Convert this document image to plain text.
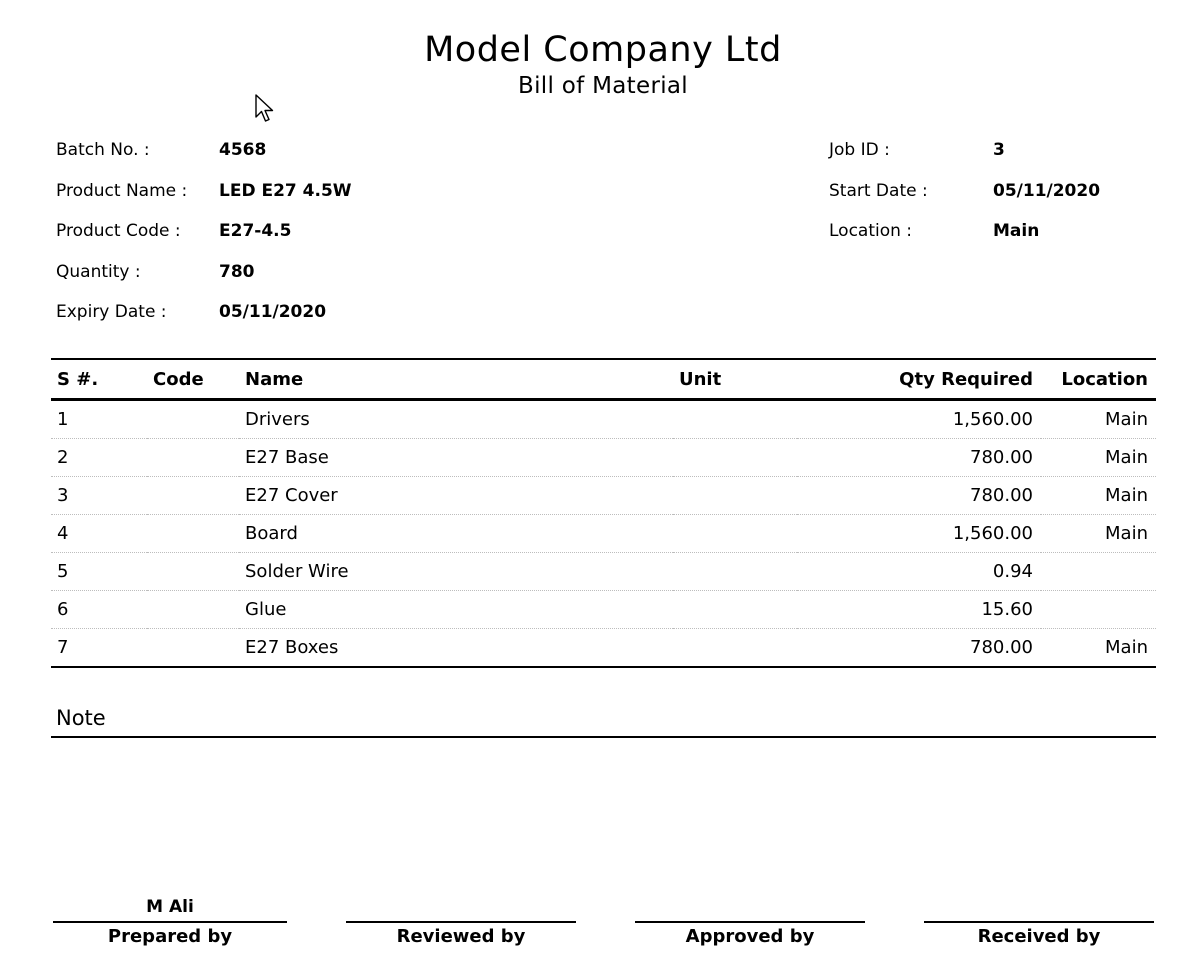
Model Company Ltd
Bill of Material
Batch No. :	4568
Product Name : LED E27 4.5W
Product Code : E27-4.5
Quantity :	780
Expiry Date :	05/11/2020
Job ID :	3
Start Date :	05/11/2020
Location :	Main
S #.	Code	Name	Unit	Qty Required	Location
1		Drivers		1,560.00	Main
2		E27 Base		780.00	Main
3		E27 Cover		780.00	Main
4		Board		1,560.00	Main
5		Solder Wire		0.94	
6		Glue		15.60	
7		E27 Boxes		780.00	Main
Note
M Ali
Prepared by	Reviewed by	Approved by	Received by
